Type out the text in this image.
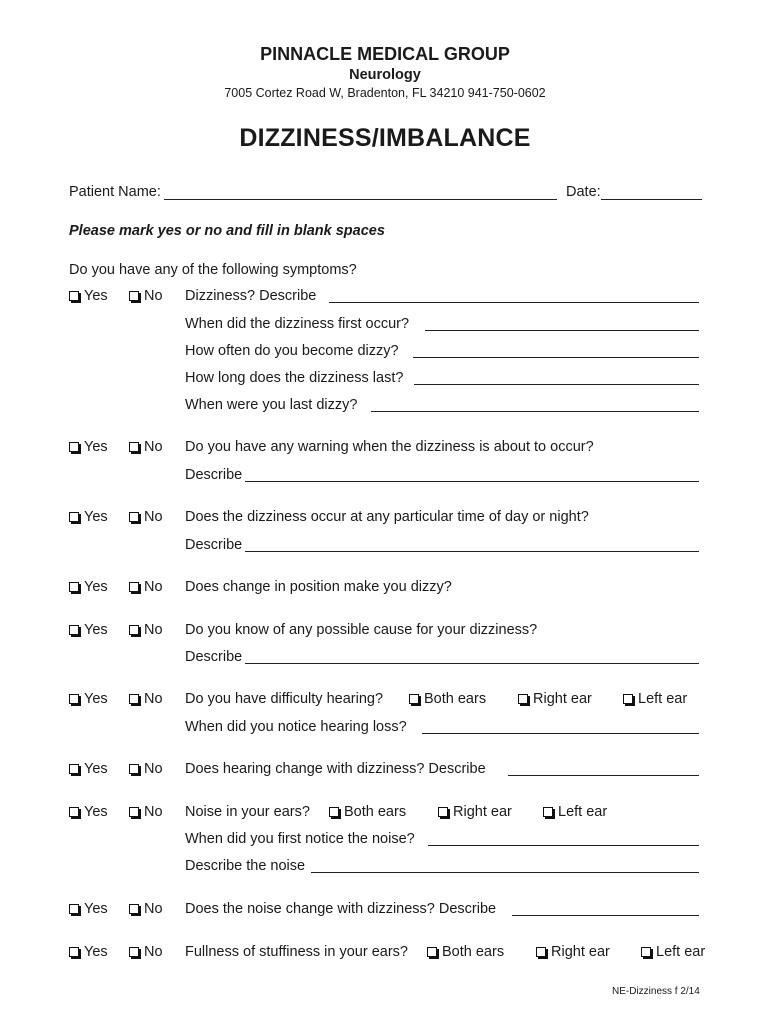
PINNACLE MEDICAL GROUP
Neurology
7005 Cortez Road W, Bradenton, FL 34210 941-750-0602
DIZZINESS/IMBALANCE
Patient Name:	Date:
Please mark yes or no and fill in blank spaces
Do you have any of the following symptoms?
Yes	No Dizziness? Describe
When did the dizziness first occur?
How often do you become dizzy?
How long does the dizziness last?
When were you last dizzy?
Yes	No Do you have any warning when the dizziness is about to occur?
Describe
Yes	No Does the dizziness occur at any particular time of day or night?
Describe
Yes	No Does change in position make you dizzy?
Yes	No Do you know of any possible cause for your dizziness?
Describe
Yes	No Do you have difficulty hearing?	Both ears	Right ear	Left ear
When did you notice hearing loss?
Yes	No Does hearing change with dizziness? Describe
Yes	No Noise in your ears?	Both ears	Right ear	Left ear
When did you first notice the noise?
Describe the noise
Yes	No Does the noise change with dizziness? Describe
Yes	No Fullness of stuffiness in your ears?	Both ears	Right ear	Left ear
NE-Dizziness f 2/14
